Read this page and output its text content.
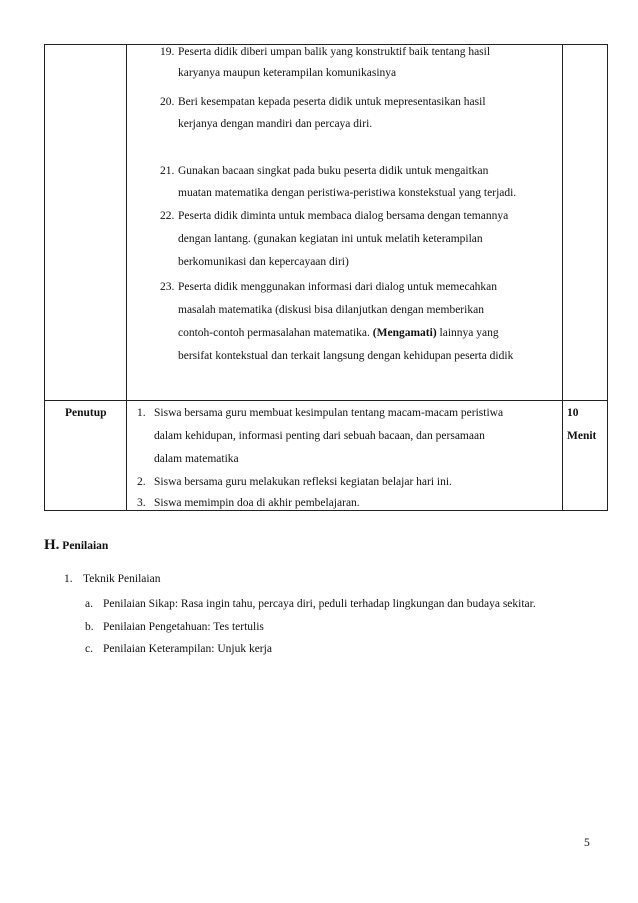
19. Peserta didik diberi umpan balik yang konstruktif baik tentang hasil
karyanya maupun keterampilan komunikasinya
20. Beri kesempatan kepada peserta didik untuk mepresentasikan hasil
kerjanya dengan mandiri dan percaya diri.
21. Gunakan bacaan singkat pada buku peserta didik untuk mengaitkan
muatan matematika dengan peristiwa-peristiwa konstekstual yang terjadi.
22. Peserta didik diminta untuk membaca dialog bersama dengan temannya
dengan lantang. (gunakan kegiatan ini untuk melatih keterampilan
berkomunikasi dan kepercayaan diri)
23. Peserta didik menggunakan informasi dari dialog untuk memecahkan
masalah matematika (diskusi bisa dilanjutkan dengan memberikan
contoh-contoh permasalahan matematika. (Mengamati) lainnya yang
bersifat kontekstual dan terkait langsung dengan kehidupan peserta didik
Penutup	10
Menit
1. Siswa bersama guru membuat kesimpulan tentang macam-macam peristiwa
dalam kehidupan, informasi penting dari sebuah bacaan, dan persamaan
dalam matematika
2. Siswa bersama guru melakukan refleksi kegiatan belajar hari ini.
3. Siswa memimpin doa di akhir pembelajaran.
H. Penilaian
1. Teknik Penilaian
a. Penilaian Sikap: Rasa ingin tahu, percaya diri, peduli terhadap lingkungan dan budaya sekitar.
b. Penilaian Pengetahuan: Tes tertulis
c. Penilaian Keterampilan: Unjuk kerja
5
